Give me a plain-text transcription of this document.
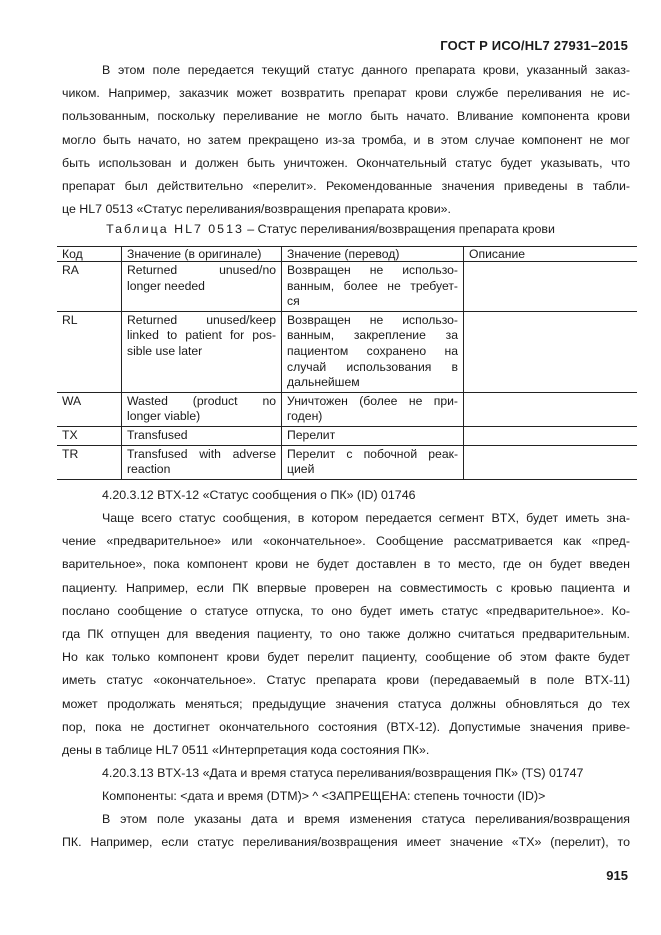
ГОСТ Р ИСО/HL7 27931–2015
В этом поле передается текущий статус данного препарата крови, указанный заказ-
чиком. Например, заказчик может возвратить препарат крови службе переливания не ис-
пользованным, поскольку переливание не могло быть начато. Вливание компонента крови
могло быть начато, но затем прекращено из-за тромба, и в этом случае компонент не мог
быть использован и должен быть уничтожен. Окончательный статус будет указывать, что
препарат был действительно «перелит». Рекомендованные значения приведены в табли-
це HL7 0513 «Статус переливания/возвращения препарата крови».
Таблица HL7 0513 – Статус переливания/возвращения препарата крови
Код	Значение (в оригинале)	Значение (перевод)	Описание
RA	Returned unused/no
longer needed	Возвращен не использо-
ванным, более не требует-
ся	

RL	Returned unused/keep
linked to patient for pos-
sible use later	Возвращен не использо-
ванным, закрепление за
пациентом сохранено на
случай использования в
дальнейшем	

WA	Wasted (product no
longer viable)	Уничтожен (более не при-
годен)	

TX	Transfused	Перелит	

TR	Transfused with adverse
reaction	Перелит с побочной реак-
цией	

4.20.3.12 BTX-12 «Статус сообщения о ПК» (ID) 01746
Чаще всего статус сообщения, в котором передается сегмент BTX, будет иметь зна-
чение «предварительное» или «окончательное». Сообщение рассматривается как «пред-
варительное», пока компонент крови не будет доставлен в то место, где он будет введен
пациенту. Например, если ПК впервые проверен на совместимость с кровью пациента и
послано сообщение о статусе отпуска, то оно будет иметь статус «предварительное». Ко-
гда ПК отпущен для введения пациенту, то оно также должно считаться предварительным.
Но как только компонент крови будет перелит пациенту, сообщение об этом факте будет
иметь статус «окончательное». Статус препарата крови (передаваемый в поле BTX-11)
может продолжать меняться; предыдущие значения статуса должны обновляться до тех
пор, пока не достигнет окончательного состояния (BTX-12). Допустимые значения приве-
дены в таблице HL7 0511 «Интерпретация кода состояния ПК».
4.20.3.13 BTX-13 «Дата и время статуса переливания/возвращения ПК» (TS) 01747
Компоненты: <дата и время (DTM)> ^ <ЗАПРЕЩЕНА: степень точности (ID)>
В этом поле указаны дата и время изменения статуса переливания/возвращения
ПК. Например, если статус переливания/возвращения имеет значение «TX» (перелит), то
915
